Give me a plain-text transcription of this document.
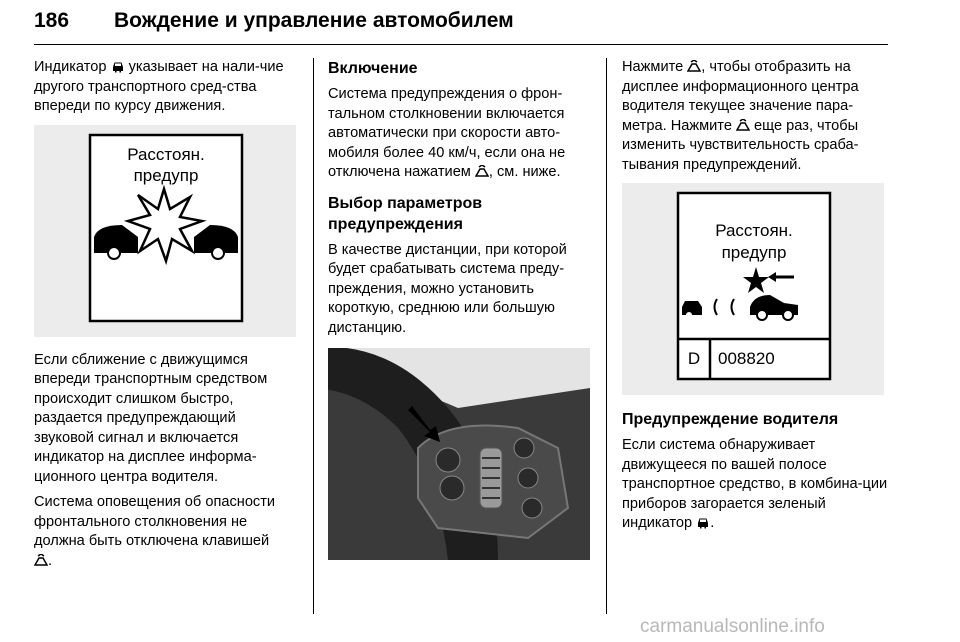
186 Вождение и управление автомобилем

Индикатор  указывает на нали-чие другого транспортного сред-ства впереди по курсу движения.

Расстоян.
предупр

Если сближение с движущимся впереди транспортным средством происходит слишком быстро, раздается предупреждающий звуковой сигнал и включается индикатор на дисплее информа-ционного центра водителя.

Система оповещения об опасности фронтального столкновения не должна быть отключена клавишей
.

Включение

Система предупреждения о фрон-тальном столкновении включается автоматически при скорости авто-мобиля более 40 км/ч, если она не отключена нажатием , см. ниже.

Выбор параметров предупреждения

В качестве дистанции, при которой будет срабатывать система преду-преждения, можно установить короткую, среднюю или большую дистанцию.

Нажмите , чтобы отобразить на дисплее информационного центра водителя текущее значение пара-метра. Нажмите  еще раз, чтобы изменить чувствительность сраба-тывания предупреждений.

Расстоян.
предупр
D	008820
Предупреждение водителя

Если система обнаруживает движущееся по вашей полосе транспортное средство, в комбина-ции приборов загорается зеленый индикатор .

carmanualsonline.info
